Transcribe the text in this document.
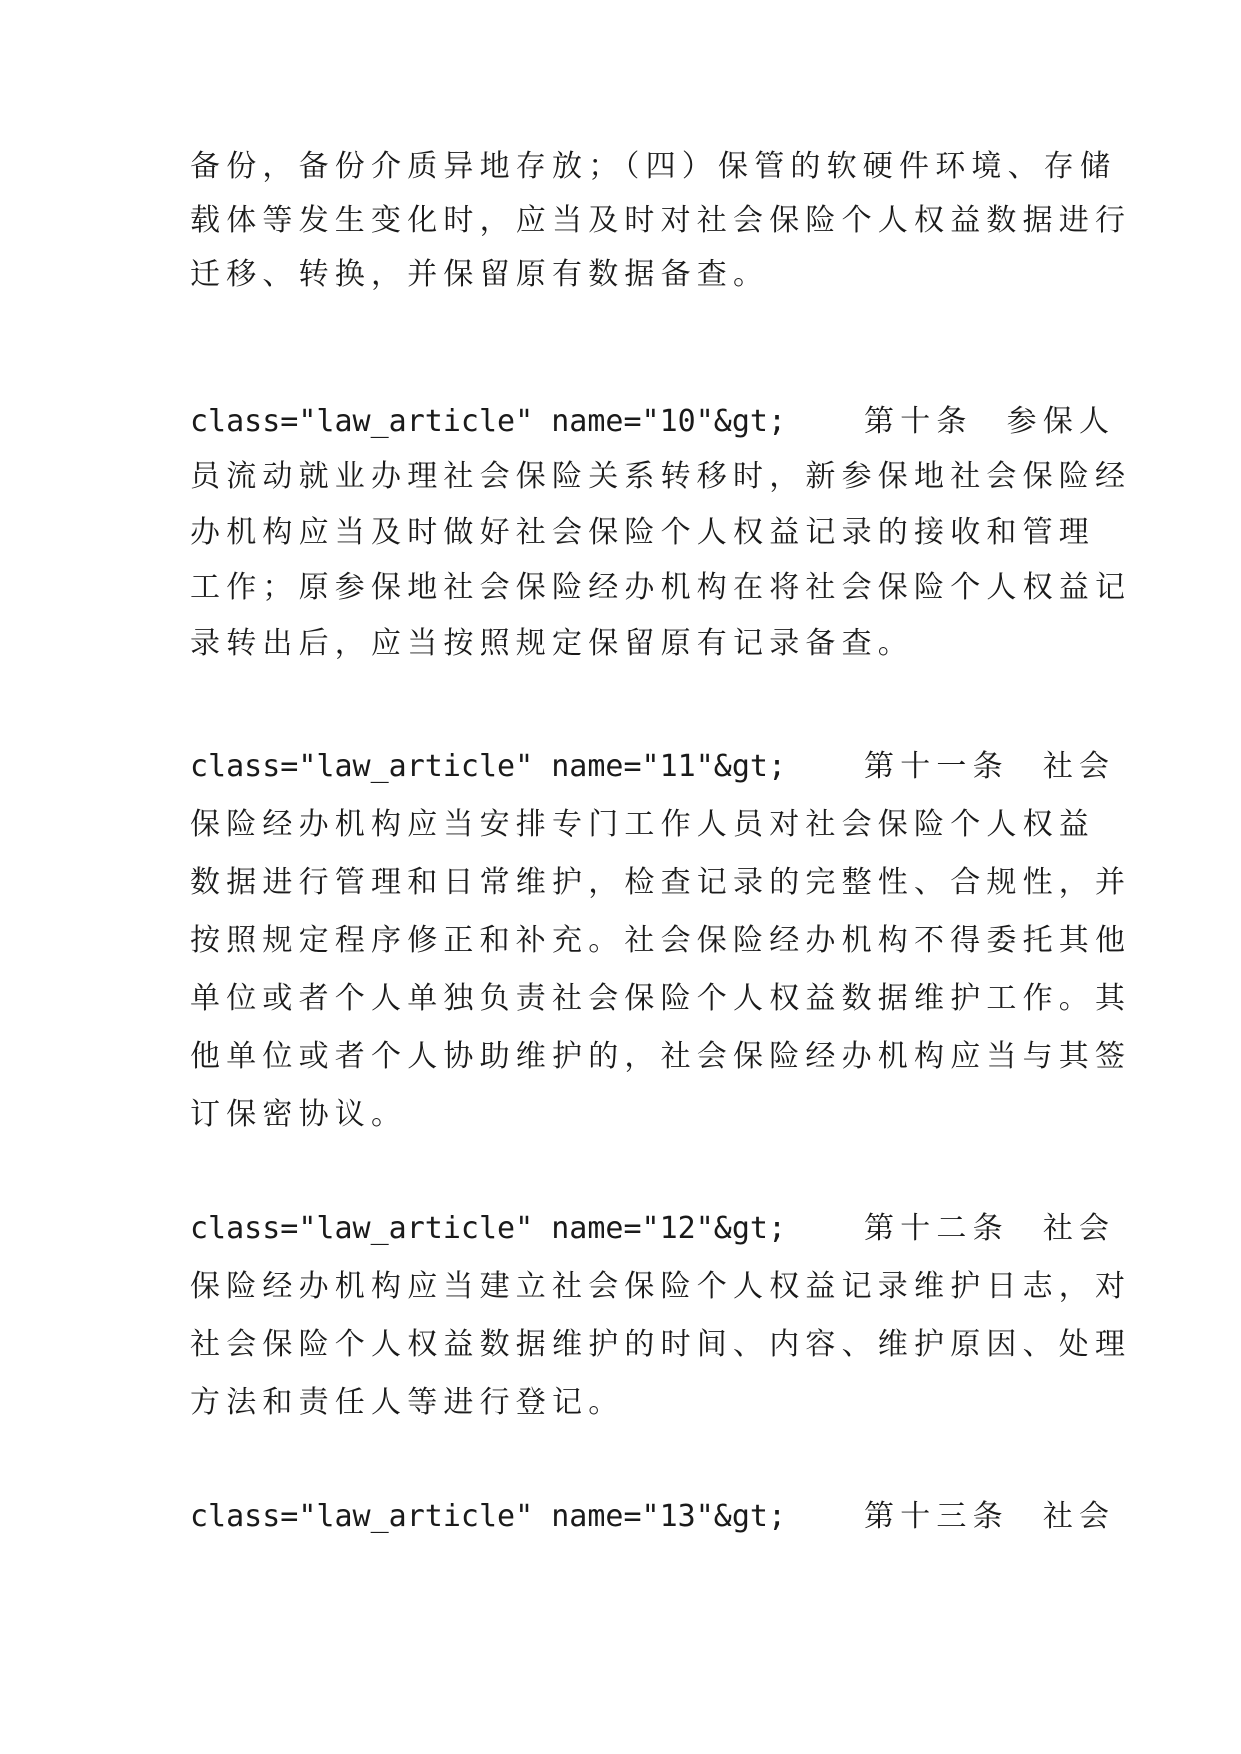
备份，备份介质异地存放；（四）保管的软硬件环境、存储
载体等发生变化时，应当及时对社会保险个人权益数据进行
迁移、转换，并保留原有数据备查。
class="law_article" name="10"&gt;	第十条 参保人
员流动就业办理社会保险关系转移时，新参保地社会保险经
办机构应当及时做好社会保险个人权益记录的接收和管理
工作；原参保地社会保险经办机构在将社会保险个人权益记
录转出后，应当按照规定保留原有记录备查。
class="law_article" name="11"&gt;	第十一条 社会
保险经办机构应当安排专门工作人员对社会保险个人权益
数据进行管理和日常维护，检查记录的完整性、合规性，并
按照规定程序修正和补充。社会保险经办机构不得委托其他
单位或者个人单独负责社会保险个人权益数据维护工作。其
他单位或者个人协助维护的，社会保险经办机构应当与其签
订保密协议。
class="law_article" name="12"&gt;	第十二条 社会
保险经办机构应当建立社会保险个人权益记录维护日志，对
社会保险个人权益数据维护的时间、内容、维护原因、处理
方法和责任人等进行登记。
class="law_article" name="13"&gt;	第十三条 社会
